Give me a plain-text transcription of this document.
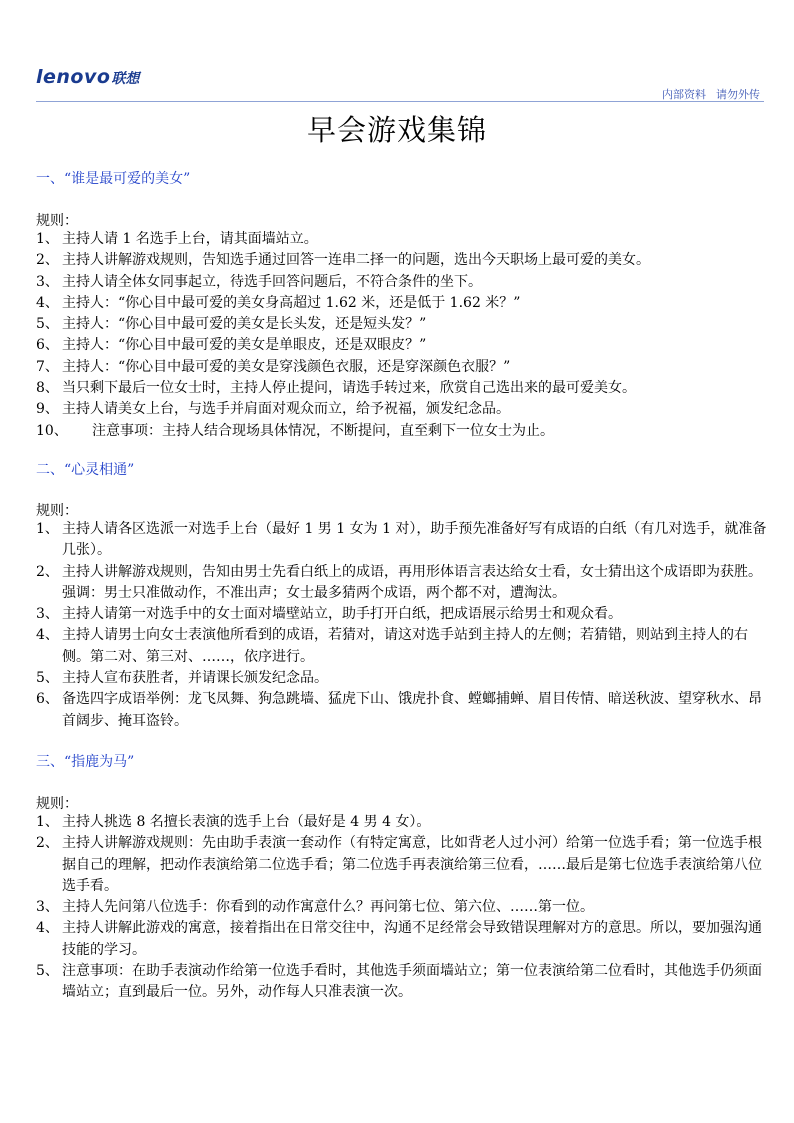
lenovo 联想
内部资料 请勿外传
早会游戏集锦
一、“谁是最可爱的美女”
规则：
1、 主持人请 1 名选手上台，请其面墙站立。
2、 主持人讲解游戏规则，告知选手通过回答一连串二择一的问题，选出今天职场上最可爱的美女。
3、 主持人请全体女同事起立，待选手回答问题后，不符合条件的坐下。
4、 主持人：“你心目中最可爱的美女身高超过 1.62 米，还是低于 1.62 米？”
5、 主持人：“你心目中最可爱的美女是长头发，还是短头发？”
6、 主持人：“你心目中最可爱的美女是单眼皮，还是双眼皮？”
7、 主持人：“你心目中最可爱的美女是穿浅颜色衣服，还是穿深颜色衣服？”
8、 当只剩下最后一位女士时，主持人停止提问，请选手转过来，欣赏自己选出来的最可爱美女。
9、 主持人请美女上台，与选手并肩面对观众而立，给予祝福，颁发纪念品。
10、	注意事项：主持人结合现场具体情况，不断提问，直至剩下一位女士为止。
二、“心灵相通”
规则：
1、 主持人请各区选派一对选手上台（最好 1 男 1 女为 1 对），助手预先准备好写有成语的白纸（有几对选手，就准备几张）。
2、 主持人讲解游戏规则，告知由男士先看白纸上的成语，再用形体语言表达给女士看，女士猜出这个成语即为获胜。强调：男士只准做动作，不准出声；女士最多猜两个成语，两个都不对，遭淘汰。
3、 主持人请第一对选手中的女士面对墙壁站立，助手打开白纸，把成语展示给男士和观众看。
4、 主持人请男士向女士表演他所看到的成语，若猜对，请这对选手站到主持人的左侧；若猜错，则站到主持人的右侧。第二对、第三对、……，依序进行。
5、 主持人宣布获胜者，并请课长颁发纪念品。
6、 备选四字成语举例：龙飞凤舞、狗急跳墙、猛虎下山、饿虎扑食、螳螂捕蝉、眉目传情、暗送秋波、望穿秋水、昂首阔步、掩耳盗铃。
三、“指鹿为马”
规则：
1、 主持人挑选 8 名擅长表演的选手上台（最好是 4 男 4 女）。
2、 主持人讲解游戏规则：先由助手表演一套动作（有特定寓意，比如背老人过小河）给第一位选手看；第一位选手根据自己的理解，把动作表演给第二位选手看；第二位选手再表演给第三位看，……最后是第七位选手表演给第八位选手看。
3、 主持人先问第八位选手：你看到的动作寓意什么？再问第七位、第六位、……第一位。
4、 主持人讲解此游戏的寓意，接着指出在日常交往中，沟通不足经常会导致错误理解对方的意思。所以，要加强沟通技能的学习。
5、 注意事项：在助手表演动作给第一位选手看时，其他选手须面墙站立；第一位表演给第二位看时，其他选手仍须面墙站立；直到最后一位。另外，动作每人只准表演一次。
